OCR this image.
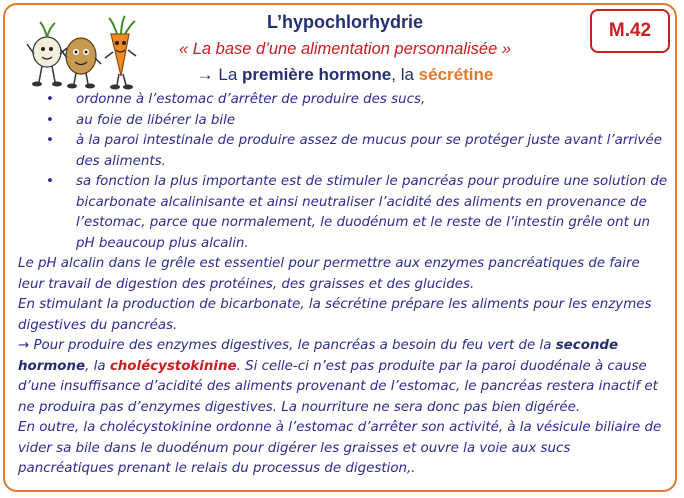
M.42
L’hypochlorhydrie
« La base d’une alimentation personnalisée »
→ La première hormone, la sécrétine
• ordonne à l’estomac d’arrêter de produire des sucs,
• au foie de libérer la bile
• à la paroi intestinale de produire assez de mucus pour se protéger juste avant l’arrivée des aliments.
• sa fonction la plus importante est de stimuler le pancréas pour produire une solution de bicarbonate alcalinisante et ainsi neutraliser l’acidité des aliments en provenance de l’estomac, parce que normalement, le duodénum et le reste de l’intestin grêle ont un pH beaucoup plus alcalin.

Le pH alcalin dans le grêle est essentiel pour permettre aux enzymes pancréatiques de faire leur travail de digestion des protéines, des graisses et des glucides.

En stimulant la production de bicarbonate, la sécrétine prépare les aliments pour les enzymes digestives du pancréas.

→ Pour produire des enzymes digestives, le pancréas a besoin du feu vert de la seconde hormone, la cholécystokinine. Si celle-ci n’est pas produite par la paroi duodénale à cause d’une insuffisance d’acidité des aliments provenant de l’estomac, le pancréas restera inactif et ne produira pas d’enzymes digestives. La nourriture ne sera donc pas bien digérée.

En outre, la cholécystokinine ordonne à l’estomac d’arrêter son activité, à la vésicule biliaire de vider sa bile dans le duodénum pour digérer les graisses et ouvre la voie aux sucs pancréatiques prenant le relais du processus de digestion,.
